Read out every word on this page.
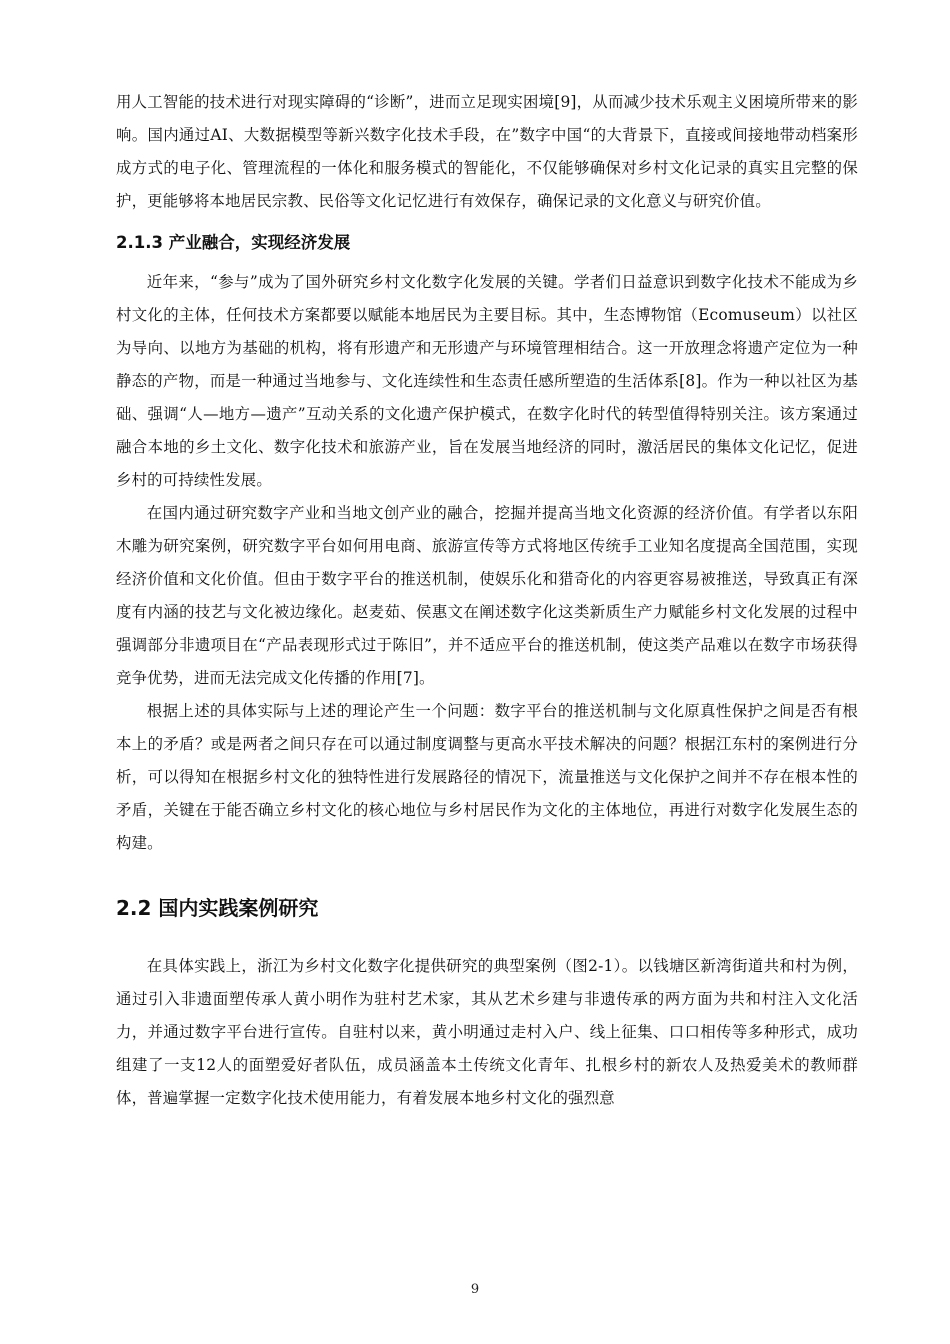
用人工智能的技术进行对现实障碍的“诊断”，进而立足现实困境[9]，从而减少技术乐观主义困境所带来的影响。国内通过AI、大数据模型等新兴数字化技术手段，在”数字中国“的大背景下，直接或间接地带动档案形成方式的电子化、管理流程的一体化和服务模式的智能化，不仅能够确保对乡村文化记录的真实且完整的保护，更能够将本地居民宗教、民俗等文化记忆进行有效保存，确保记录的文化意义与研究价值。

2.1.3 产业融合，实现经济发展

近年来，“参与”成为了国外研究乡村文化数字化发展的关键。学者们日益意识到数字化技术不能成为乡村文化的主体，任何技术方案都要以赋能本地居民为主要目标。其中，生态博物馆（Ecomuseum）以社区为导向、以地方为基础的机构，将有形遗产和无形遗产与环境管理相结合。这一开放理念将遗产定位为一种静态的产物，而是一种通过当地参与、文化连续性和生态责任感所塑造的生活体系[8]。作为一种以社区为基础、强调“人—地方—遗产”互动关系的文化遗产保护模式，在数字化时代的转型值得特别关注。该方案通过融合本地的乡土文化、数字化技术和旅游产业，旨在发展当地经济的同时，激活居民的集体文化记忆，促进乡村的可持续性发展。

在国内通过研究数字产业和当地文创产业的融合，挖掘并提高当地文化资源的经济价值。有学者以东阳木雕为研究案例，研究数字平台如何用电商、旅游宣传等方式将地区传统手工业知名度提高全国范围，实现经济价值和文化价值。但由于数字平台的推送机制，使娱乐化和猎奇化的内容更容易被推送，导致真正有深度有内涵的技艺与文化被边缘化。赵麦茹、侯惠文在阐述数字化这类新质生产力赋能乡村文化发展的过程中强调部分非遗项目在“产品表现形式过于陈旧”，并不适应平台的推送机制，使这类产品难以在数字市场获得竞争优势，进而无法完成文化传播的作用[7]。

根据上述的具体实际与上述的理论产生一个问题：数字平台的推送机制与文化原真性保护之间是否有根本上的矛盾？或是两者之间只存在可以通过制度调整与更高水平技术解决的问题？根据江东村的案例进行分析，可以得知在根据乡村文化的独特性进行发展路径的情况下，流量推送与文化保护之间并不存在根本性的矛盾，关键在于能否确立乡村文化的核心地位与乡村居民作为文化的主体地位，再进行对数字化发展生态的构建。

2.2 国内实践案例研究

在具体实践上，浙江为乡村文化数字化提供研究的典型案例（图2-1）。以钱塘区新湾街道共和村为例，通过引入非遗面塑传承人黄小明作为驻村艺术家，其从艺术乡建与非遗传承的两方面为共和村注入文化活力，并通过数字平台进行宣传。自驻村以来，黄小明通过走村入户、线上征集、口口相传等多种形式，成功组建了一支12人的面塑爱好者队伍，成员涵盖本土传统文化青年、扎根乡村的新农人及热爱美术的教师群体，普遍掌握一定数字化技术使用能力，有着发展本地乡村文化的强烈意

9
